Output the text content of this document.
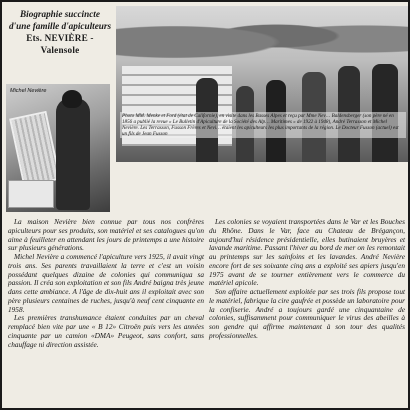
Biographie succincte
d'une famille d'apiculteurs
Ets. NEVIÈRE -
Valensole
Michel Nevière
Photo MM. Menke et Ford (état de Californie), en visite dans les Basses Alpes et reçu par Mme Nev… Baldensberger (son père né en 1856 a publié la revue « Le Bulletin d'Apiculture de la Société des Alp… Maritimes » de 1922 à 1948), André Terrasson et Michel Nevière. Les Terrasson, Fusson Frères et Nevi… étaient les apiculteurs les plus importants de la région. Le Docteur Fusson (actuel) est un fils de Jean Fusson

La maison Nevière bien connue par tous nos confrères apiculteurs pour ses produits, son matériel et ses catalogues qu'on aime à feuilleter en attendant les jours de printemps a une histoire sur plusieurs générations.

Michel Nevière a commencé l'apiculture vers 1925, il avait vingt trois ans. Ses parents travaillaient la terre et c'est un voisin possédant quelques dizaine de colonies qui communiqua sa passion. Il créa son exploitation et son fils André baigna très jeune dans cette ambiance. A l'âge de dix-huit ans il exploitait avec son père plusieurs centaines de ruches, jusqu'à neuf cent cinquante en 1958.

Les premières transhumance étaient conduites par un cheval remplacé bien vite par une « B 12» Citroën puis vers les années cinquante par un camion «DMA» Peugeot, sans confort, sans chauffage ni direction assistée.

Les colonies se voyaient transportées dans le Var et les Bouches du Rhône. Dans le Var, face au Chateau de Brégançon, aujourd'hui résidence présidentielle, elles butinaient bruyères et lavande maritime. Passant l'hiver au bord de mer on les remontait au printemps sur les sainfoins et les lavandes. André Nevière encore fort de ses soixante cinq ans a exploité ses apiers jusqu'en 1975 avant de se tourner entièrement vers le commerce du matériel apicole.

Son affaire actuellement exploitée par ses trois fils propose tout le matériel, fabrique la cire gaufrée et possède un laboratoire pour la confiserie. André a toujours gardé une cinquantaine de colonies, suffisamment pour communiquer le virus des abeilles à son gendre qui affirme maintenant à son tour des qualités professionnelles.
